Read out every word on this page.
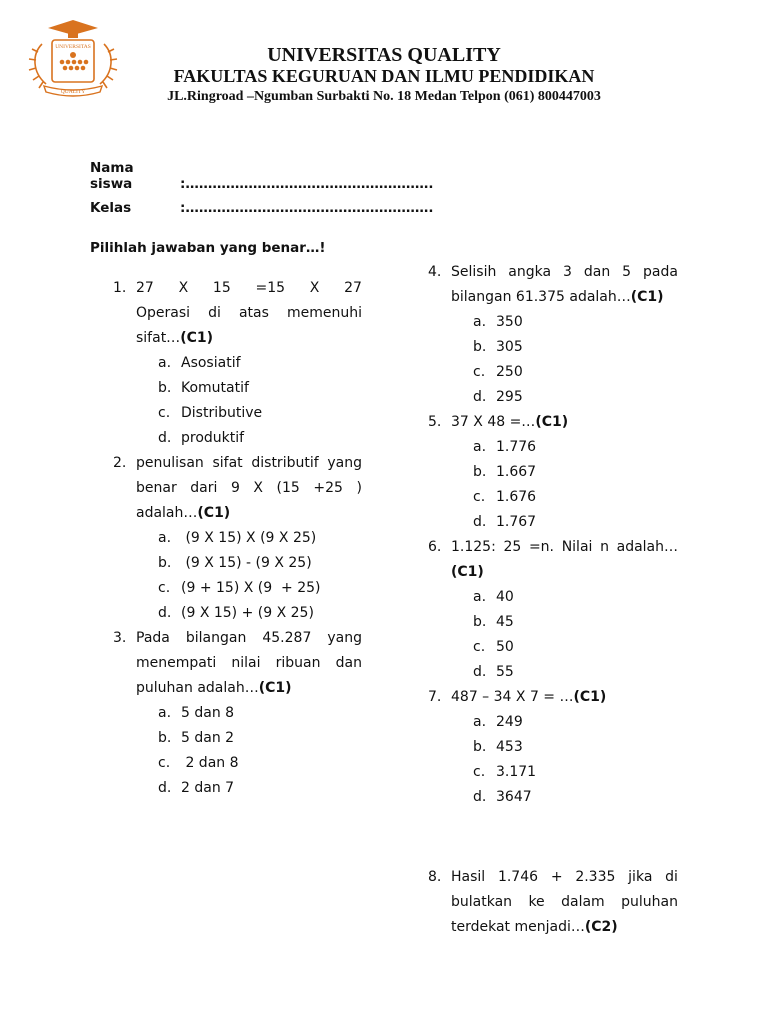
UNIVERSITAS
QUALITY
UNIVERSITAS QUALITY
FAKULTAS KEGURUAN DAN ILMU PENDIDIKAN
JL.Ringroad –Ngumban Surbakti No. 18 Medan Telpon (061) 800447003
Nama siswa	:……………………………………………….
Kelas	:……………………………………………….
Pilihlah jawaban yang benar…!
1. 27 X 15 =15 X 27
Operasi di atas memenuhi
sifat…(C1)
a. Asosiatif
b. Komutatif
c. Distributive
d. produktif
2. penulisan sifat distributif yang
benar dari 9 X (15 +25 )
adalah…(C1)
a. (9 X 15) X (9 X 25)
b. (9 X 15) - (9 X 25)
c. (9 + 15) X (9  + 25)
d. (9 X 15) + (9 X 25)
3. Pada bilangan 45.287 yang
menempati nilai ribuan dan
puluhan adalah…(C1)
a. 5 dan 8
b. 5 dan 2
c. 2 dan 8
d. 2 dan 7
4. Selisih angka 3 dan 5 pada
bilangan 61.375 adalah…(C1)
a. 350
b. 305
c. 250
d. 295
5. 37 X 48 =…(C1)
a. 1.776
b. 1.667
c. 1.676
d. 1.767
6. 1.125: 25 =n. Nilai n adalah…(C1)
a. 40
b. 45
c. 50
d. 55
7. 487 – 34 X 7 = …(C1)
a. 249
b. 453
c. 3.171
d. 3647
8. Hasil 1.746 + 2.335 jika di
bulatkan ke dalam puluhan
terdekat menjadi…(C2)
